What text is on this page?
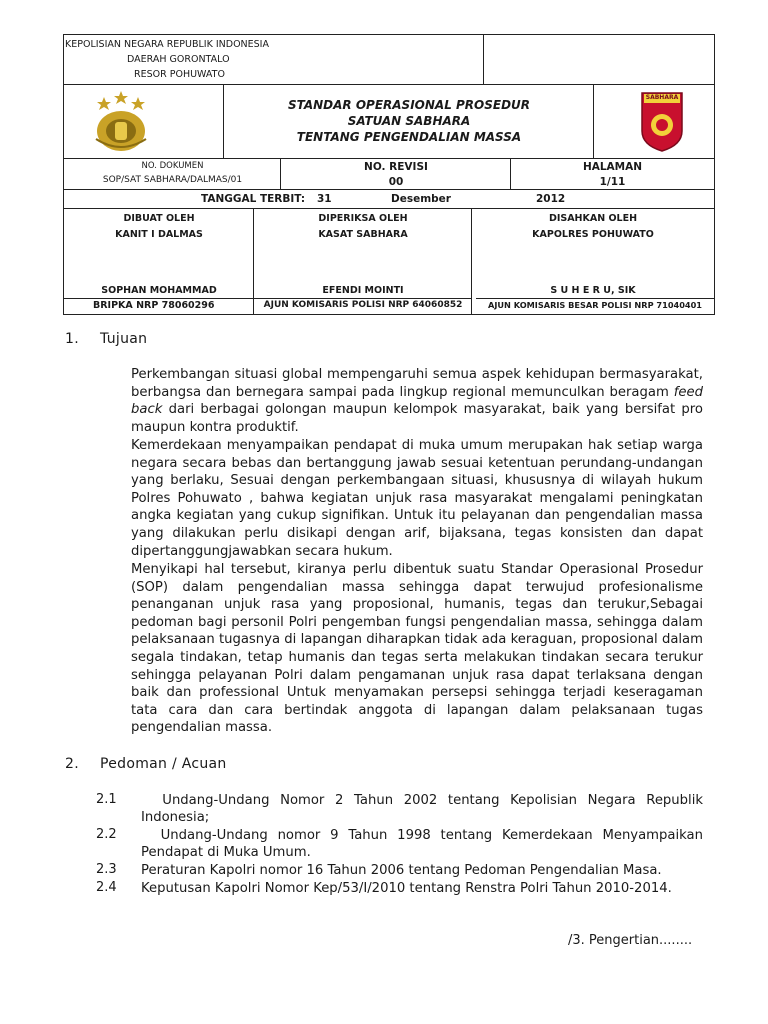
KEPOLISIAN NEGARA REPUBLIK INDONESIA
DAERAH GORONTALO
RESOR POHUWATO
STANDAR OPERASIONAL PROSEDUR
SATUAN SABHARA
TENTANG PENGENDALIAN MASSA
SABHARA
NO. DOKUMEN
SOP/SAT SABHARA/DALMAS/01
NO. REVISI
00
HALAMAN
1/11
TANGGAL TERBIT: 31	Desember	2012
DIBUAT OLEH
KANIT I DALMAS
SOPHAN MOHAMMAD
BRIPKA NRP 78060296
DIPERIKSA OLEH
KASAT SABHARA
EFENDI MOINTI
AJUN KOMISARIS POLISI NRP 64060852
DISAHKAN OLEH
KAPOLRES POHUWATO
S U H E R U, SIK
AJUN KOMISARIS BESAR POLISI NRP 71040401
1. Tujuan
Perkembangan situasi global mempengaruhi semua aspek kehidupan bermasyarakat, berbangsa dan bernegara sampai pada lingkup regional memunculkan beragam feed back dari berbagai golongan maupun kelompok masyarakat, baik yang bersifat pro maupun kontra produktif.
Kemerdekaan menyampaikan pendapat di muka umum merupakan hak setiap warga negara secara bebas dan bertanggung jawab sesuai ketentuan perundang-undangan yang berlaku, Sesuai dengan perkembangaan situasi, khususnya di wilayah hukum Polres Pohuwato , bahwa kegiatan unjuk rasa masyarakat mengalami peningkatan angka kegiatan yang cukup signifikan. Untuk itu pelayanan dan pengendalian massa yang dilakukan perlu disikapi dengan arif, bijaksana, tegas konsisten dan dapat dipertanggungjawabkan secara hukum.
Menyikapi hal tersebut, kiranya perlu dibentuk suatu Standar Operasional Prosedur (SOP) dalam pengendalian massa sehingga dapat terwujud profesionalisme penanganan unjuk rasa yang proposional, humanis, tegas dan terukur,Sebagai pedoman bagi personil Polri pengemban fungsi pengendalian massa, sehingga dalam pelaksanaan tugasnya di lapangan diharapkan tidak ada keraguan, proposional dalam segala tindakan, tetap humanis dan tegas serta melakukan tindakan secara terukur sehingga pelayanan Polri dalam pengamanan unjuk rasa dapat terlaksana dengan baik dan professional Untuk menyamakan persepsi sehingga terjadi keseragaman tata cara dan cara bertindak anggota di lapangan dalam pelaksanaan tugas pengendalian massa.
2. Pedoman / Acuan
2.1 Undang-Undang Nomor 2 Tahun 2002 tentang Kepolisian Negara Republik Indonesia;
2.2 Undang-Undang nomor 9 Tahun 1998 tentang Kemerdekaan Menyampaikan Pendapat di Muka Umum.
2.3 Peraturan Kapolri nomor 16 Tahun 2006 tentang Pedoman Pengendalian Masa.
2.4 Keputusan Kapolri Nomor Kep/53/I/2010 tentang Renstra Polri Tahun 2010-2014.
/3. Pengertian........
